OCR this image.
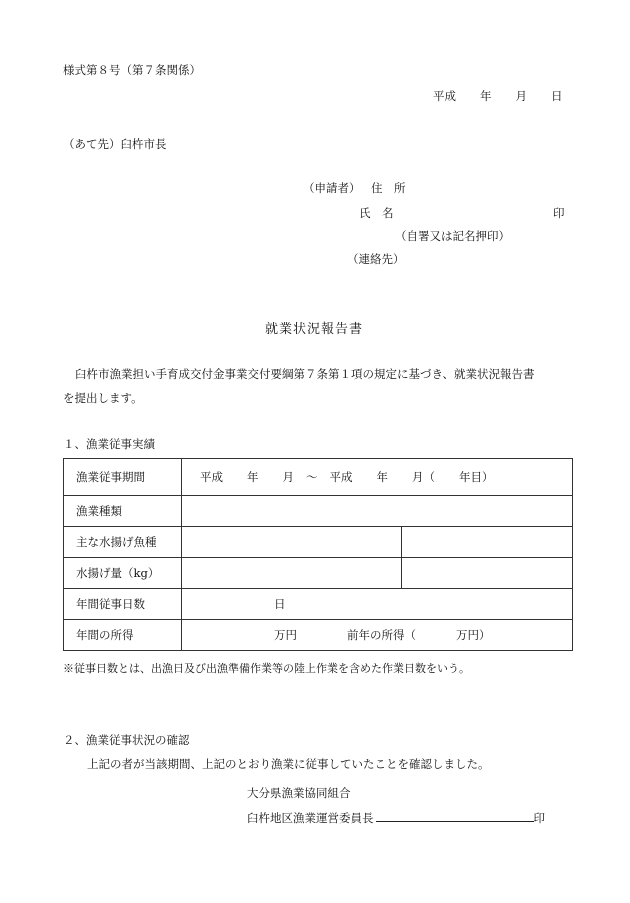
様式第８号（第７条関係）
平成 年 月 日
（あて先）臼杵市長
（申請者） 住　所
氏　名	印
（自署又は記名押印）
（連絡先）
就業状況報告書
臼杵市漁業担い手育成交付金事業交付要綱第７条第１項の規定に基づき、就業状況報告書
を提出します。
１、漁業従事実績
漁業従事期間	平成 年 月 〜 平成 年 月（ 年目）	
漁業種類		
主な水揚げ魚種		
水揚げ量（kg）		
年間従事日数	日	
年間の所得	万円 前年の所得（ 万円）	
※従事日数とは、出漁日及び出漁準備作業等の陸上作業を含めた作業日数をいう。
２、漁業従事状況の確認
上記の者が当該期間、上記のとおり漁業に従事していたことを確認しました。
大分県漁業協同組合
臼杵地区漁業運営委員長	印
